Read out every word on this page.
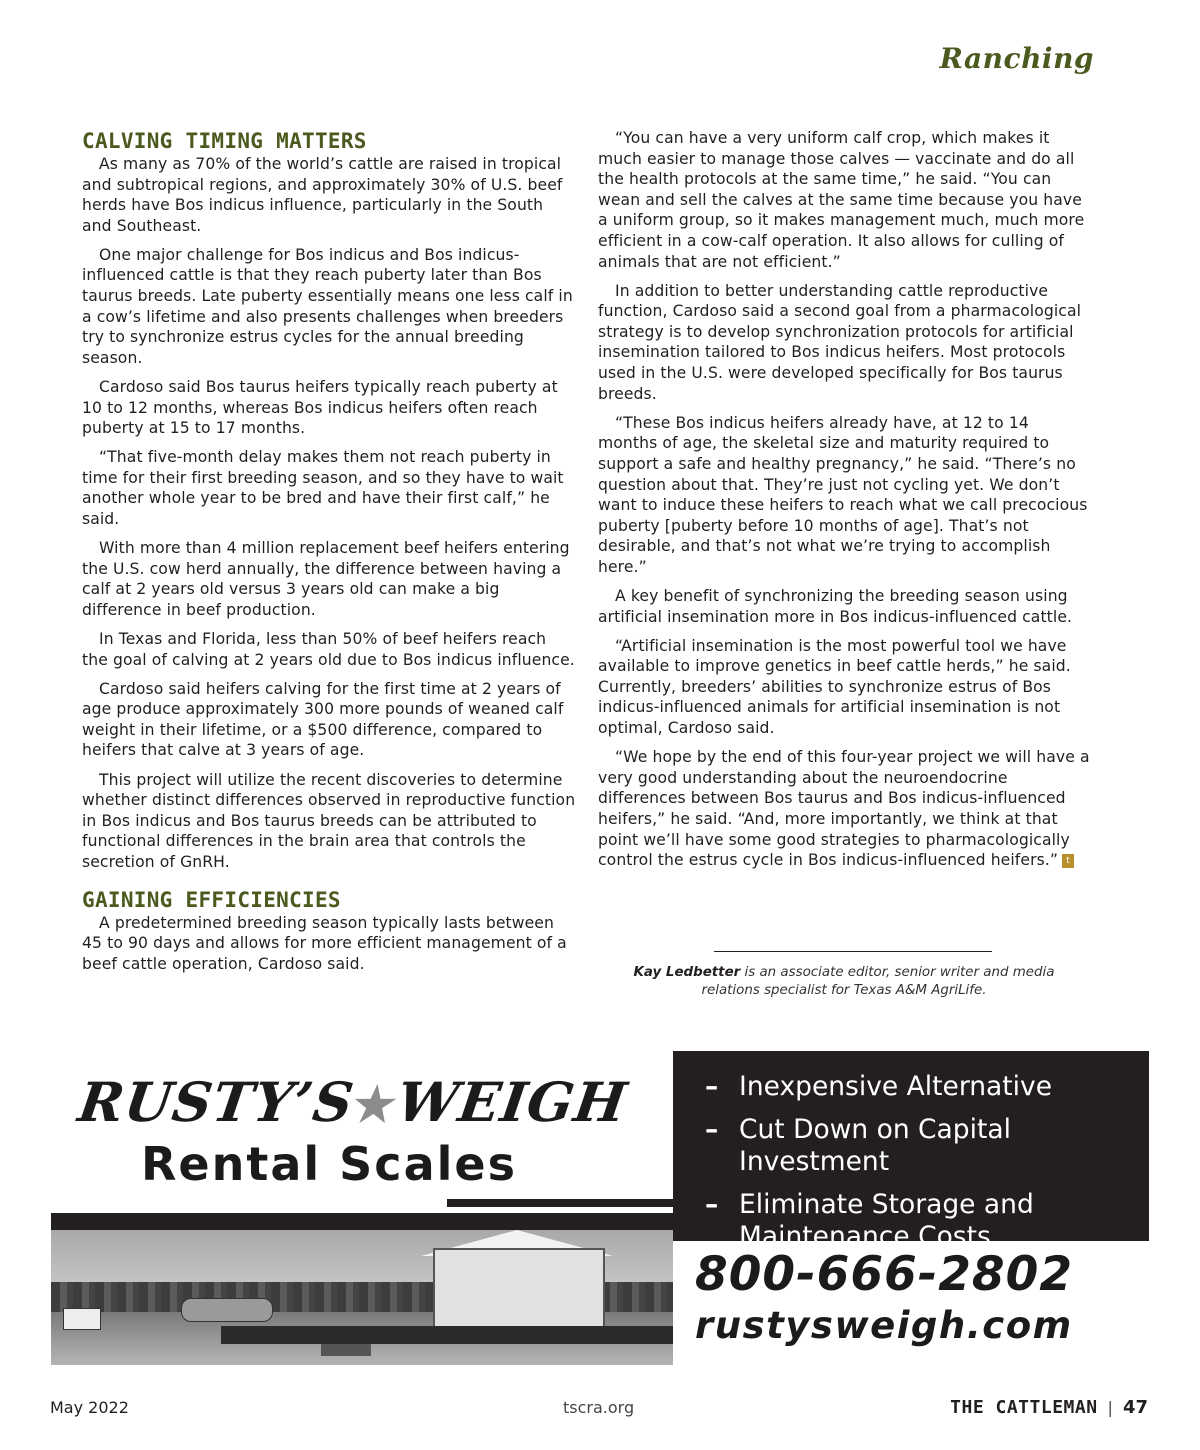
Ranching
CALVING TIMING MATTERS

As many as 70% of the world’s cattle are raised in tropical and subtropical regions, and approximately 30% of U.S. beef herds have Bos indicus influence, particularly in the South and Southeast.

One major challenge for Bos indicus and Bos indicus-influenced cattle is that they reach puberty later than Bos taurus breeds. Late puberty essentially means one less calf in a cow’s lifetime and also presents challenges when breeders try to synchronize estrus cycles for the annual breeding season.

Cardoso said Bos taurus heifers typically reach puberty at 10 to 12 months, whereas Bos indicus heifers often reach puberty at 15 to 17 months.

“That five-month delay makes them not reach puberty in time for their first breeding season, and so they have to wait another whole year to be bred and have their first calf,” he said.

With more than 4 million replacement beef heifers entering the U.S. cow herd annually, the difference between having a calf at 2 years old versus 3 years old can make a big difference in beef production.

In Texas and Florida, less than 50% of beef heifers reach the goal of calving at 2 years old due to Bos indicus influence.

Cardoso said heifers calving for the first time at 2 years of age produce approximately 300 more pounds of weaned calf weight in their lifetime, or a $500 difference, compared to heifers that calve at 3 years of age.

This project will utilize the recent discoveries to determine whether distinct differences observed in reproductive function in Bos indicus and Bos taurus breeds can be attributed to functional differences in the brain area that controls the secretion of GnRH.

GAINING EFFICIENCIES

A predetermined breeding season typically lasts between 45 to 90 days and allows for more efficient management of a beef cattle operation, Cardoso said.

“You can have a very uniform calf crop, which makes it much easier to manage those calves — vaccinate and do all the health protocols at the same time,” he said. “You can wean and sell the calves at the same time because you have a uniform group, so it makes management much, much more efficient in a cow-calf operation. It also allows for culling of animals that are not efficient.”

In addition to better understanding cattle reproductive function, Cardoso said a second goal from a pharmacological strategy is to develop synchronization protocols for artificial insemination tailored to Bos indicus heifers. Most protocols used in the U.S. were developed specifically for Bos taurus breeds.

“These Bos indicus heifers already have, at 12 to 14 months of age, the skeletal size and maturity required to support a safe and healthy pregnancy,” he said. “There’s no question about that. They’re just not cycling yet. We don’t want to induce these heifers to reach what we call precocious puberty [puberty before 10 months of age]. That’s not desirable, and that’s not what we’re trying to accomplish here.”

A key benefit of synchronizing the breeding season using artificial insemination more in Bos indicus-influenced cattle.

“Artificial insemination is the most powerful tool we have available to improve genetics in beef cattle herds,” he said. Currently, breeders’ abilities to synchronize estrus of Bos indicus-influenced animals for artificial insemination is not optimal, Cardoso said.

“We hope by the end of this four-year project we will have a very good understanding about the neuroendocrine differences between Bos taurus and Bos indicus-influenced heifers,” he said. “And, more importantly, we think at that point we’ll have some good strategies to pharmacologically control the estrus cycle in Bos indicus-influenced heifers.” t

Kay Ledbetter is an associate editor, senior writer and media relations specialist for Texas A&M AgriLife.
RUSTY’S★WEIGH
Rental Scales
– Inexpensive Alternative
– Cut Down on Capital Investment
– Eliminate Storage and Maintenance Costs
800-666-2802
rustysweigh.com
May 2022	tscra.org	THE CATTLEMAN | 47
